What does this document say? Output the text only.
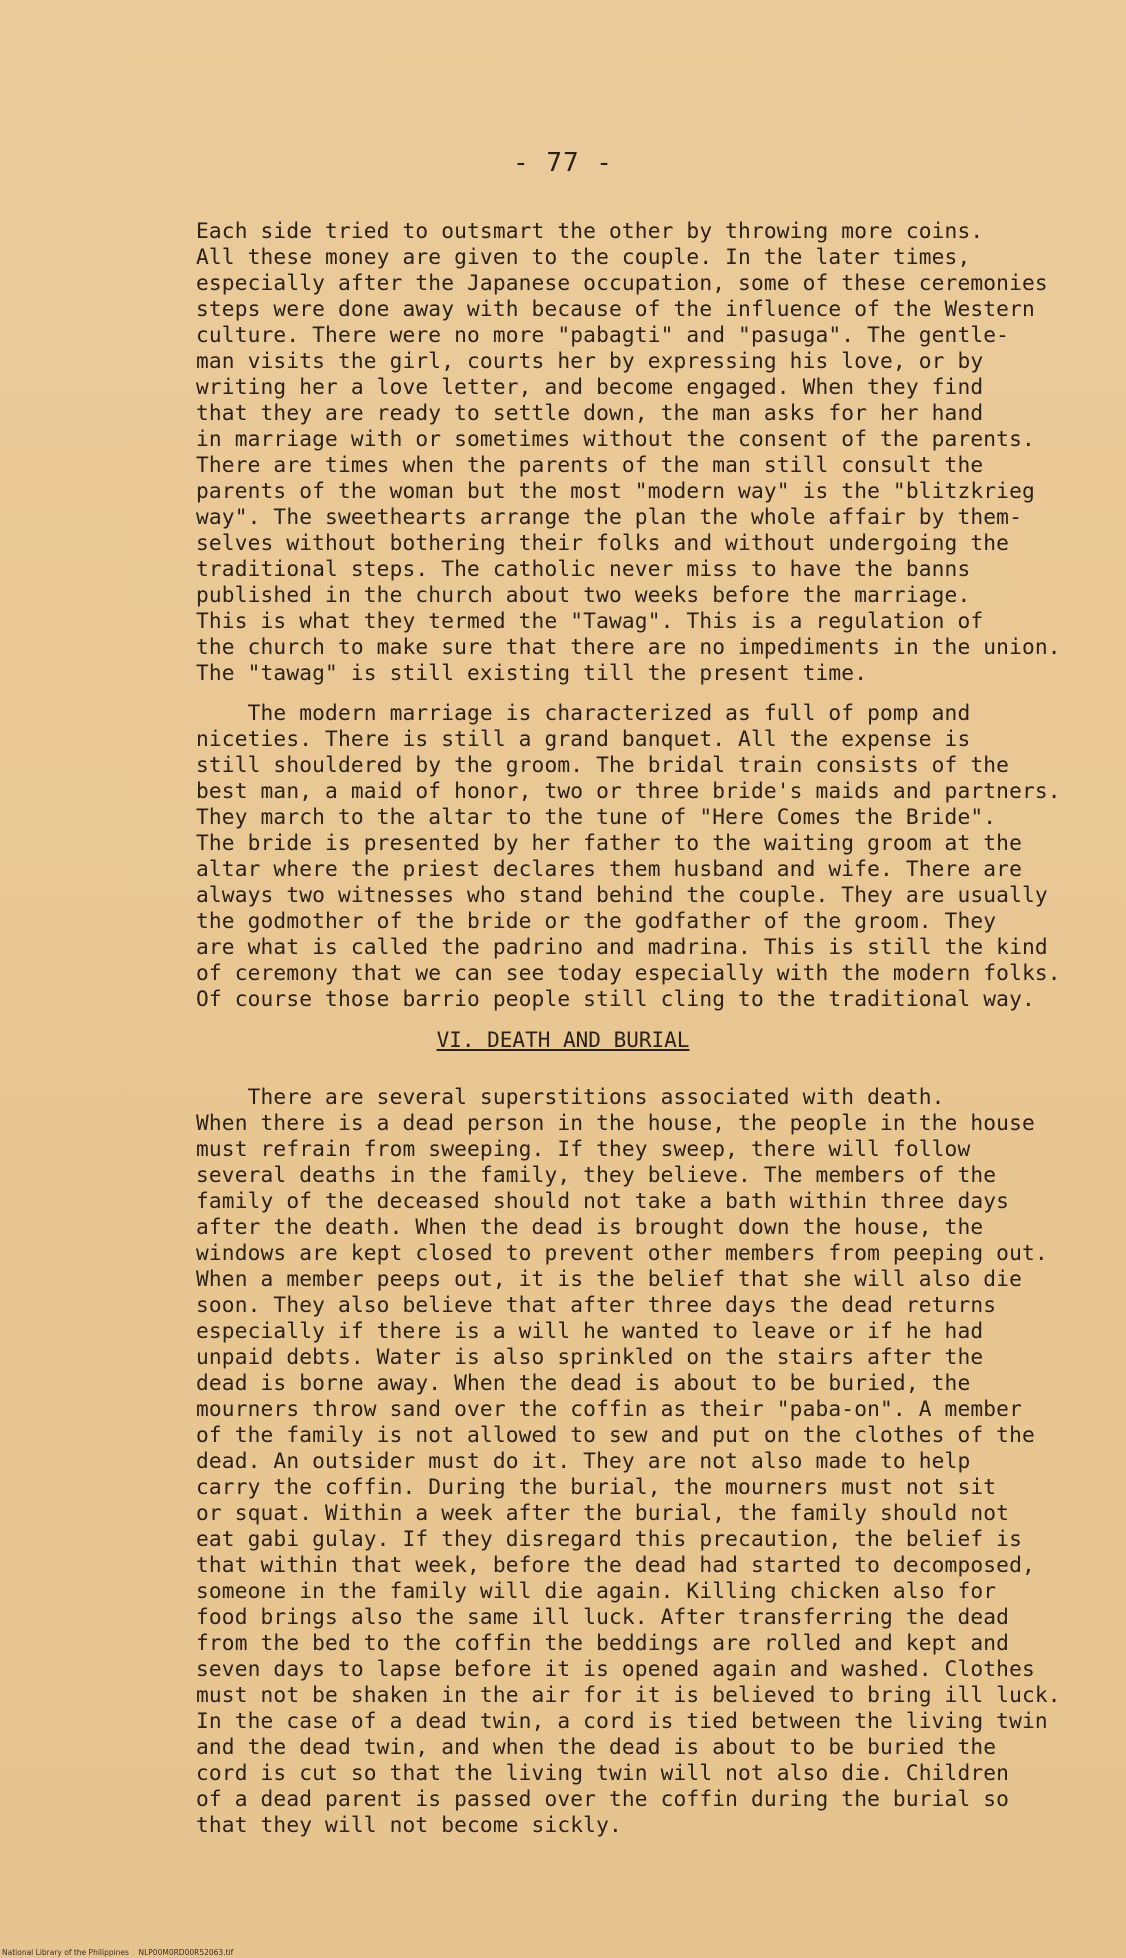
- 77 -
Each side tried to outsmart the other by throwing more coins.
All these money are given to the couple. In the later times,
especially after the Japanese occupation, some of these ceremonies
steps were done away with because of the influence of the Western
culture. There were no more "pabagti" and "pasuga". The gentle-
man visits the girl, courts her by expressing his love, or by
writing her a love letter, and become engaged. When they find
that they are ready to settle down, the man asks for her hand
in marriage with or sometimes without the consent of the parents.
There are times when the parents of the man still consult the
parents of the woman but the most "modern way" is the "blitzkrieg
way". The sweethearts arrange the plan the whole affair by them-
selves without bothering their folks and without undergoing the
traditional steps. The catholic never miss to have the banns
published in the church about two weeks before the marriage.
This is what they termed the "Tawag". This is a regulation of
the church to make sure that there are no impediments in the union.
The "tawag" is still existing till the present time.
The modern marriage is characterized as full of pomp and
niceties. There is still a grand banquet. All the expense is
still shouldered by the groom. The bridal train consists of the
best man, a maid of honor, two or three bride's maids and partners.
They march to the altar to the tune of "Here Comes the Bride".
The bride is presented by her father to the waiting groom at the
altar where the priest declares them husband and wife. There are
always two witnesses who stand behind the couple. They are usually
the godmother of the bride or the godfather of the groom. They
are what is called the padrino and madrina. This is still the kind
of ceremony that we can see today especially with the modern folks.
Of course those barrio people still cling to the traditional way.
VI. DEATH AND BURIAL
There are several superstitions associated with death.
When there is a dead person in the house, the people in the house
must refrain from sweeping. If they sweep, there will follow
several deaths in the family, they believe. The members of the
family of the deceased should not take a bath within three days
after the death. When the dead is brought down the house, the
windows are kept closed to prevent other members from peeping out.
When a member peeps out, it is the belief that she will also die
soon. They also believe that after three days the dead returns
especially if there is a will he wanted to leave or if he had
unpaid debts. Water is also sprinkled on the stairs after the
dead is borne away. When the dead is about to be buried, the
mourners throw sand over the coffin as their "paba-on". A member
of the family is not allowed to sew and put on the clothes of the
dead. An outsider must do it. They are not also made to help
carry the coffin. During the burial, the mourners must not sit
or squat. Within a week after the burial, the family should not
eat gabi gulay. If they disregard this precaution, the belief is
that within that week, before the dead had started to decomposed,
someone in the family will die again. Killing chicken also for
food brings also the same ill luck. After transferring the dead
from the bed to the coffin the beddings are rolled and kept and
seven days to lapse before it is opened again and washed. Clothes
must not be shaken in the air for it is believed to bring ill luck.
In the case of a dead twin, a cord is tied between the living twin
and the dead twin, and when the dead is about to be buried the
cord is cut so that the living twin will not also die. Children
of a dead parent is passed over the coffin during the burial so
that they will not become sickly.
National Library of the Philippines    NLP00M0RD00R52063.tif
